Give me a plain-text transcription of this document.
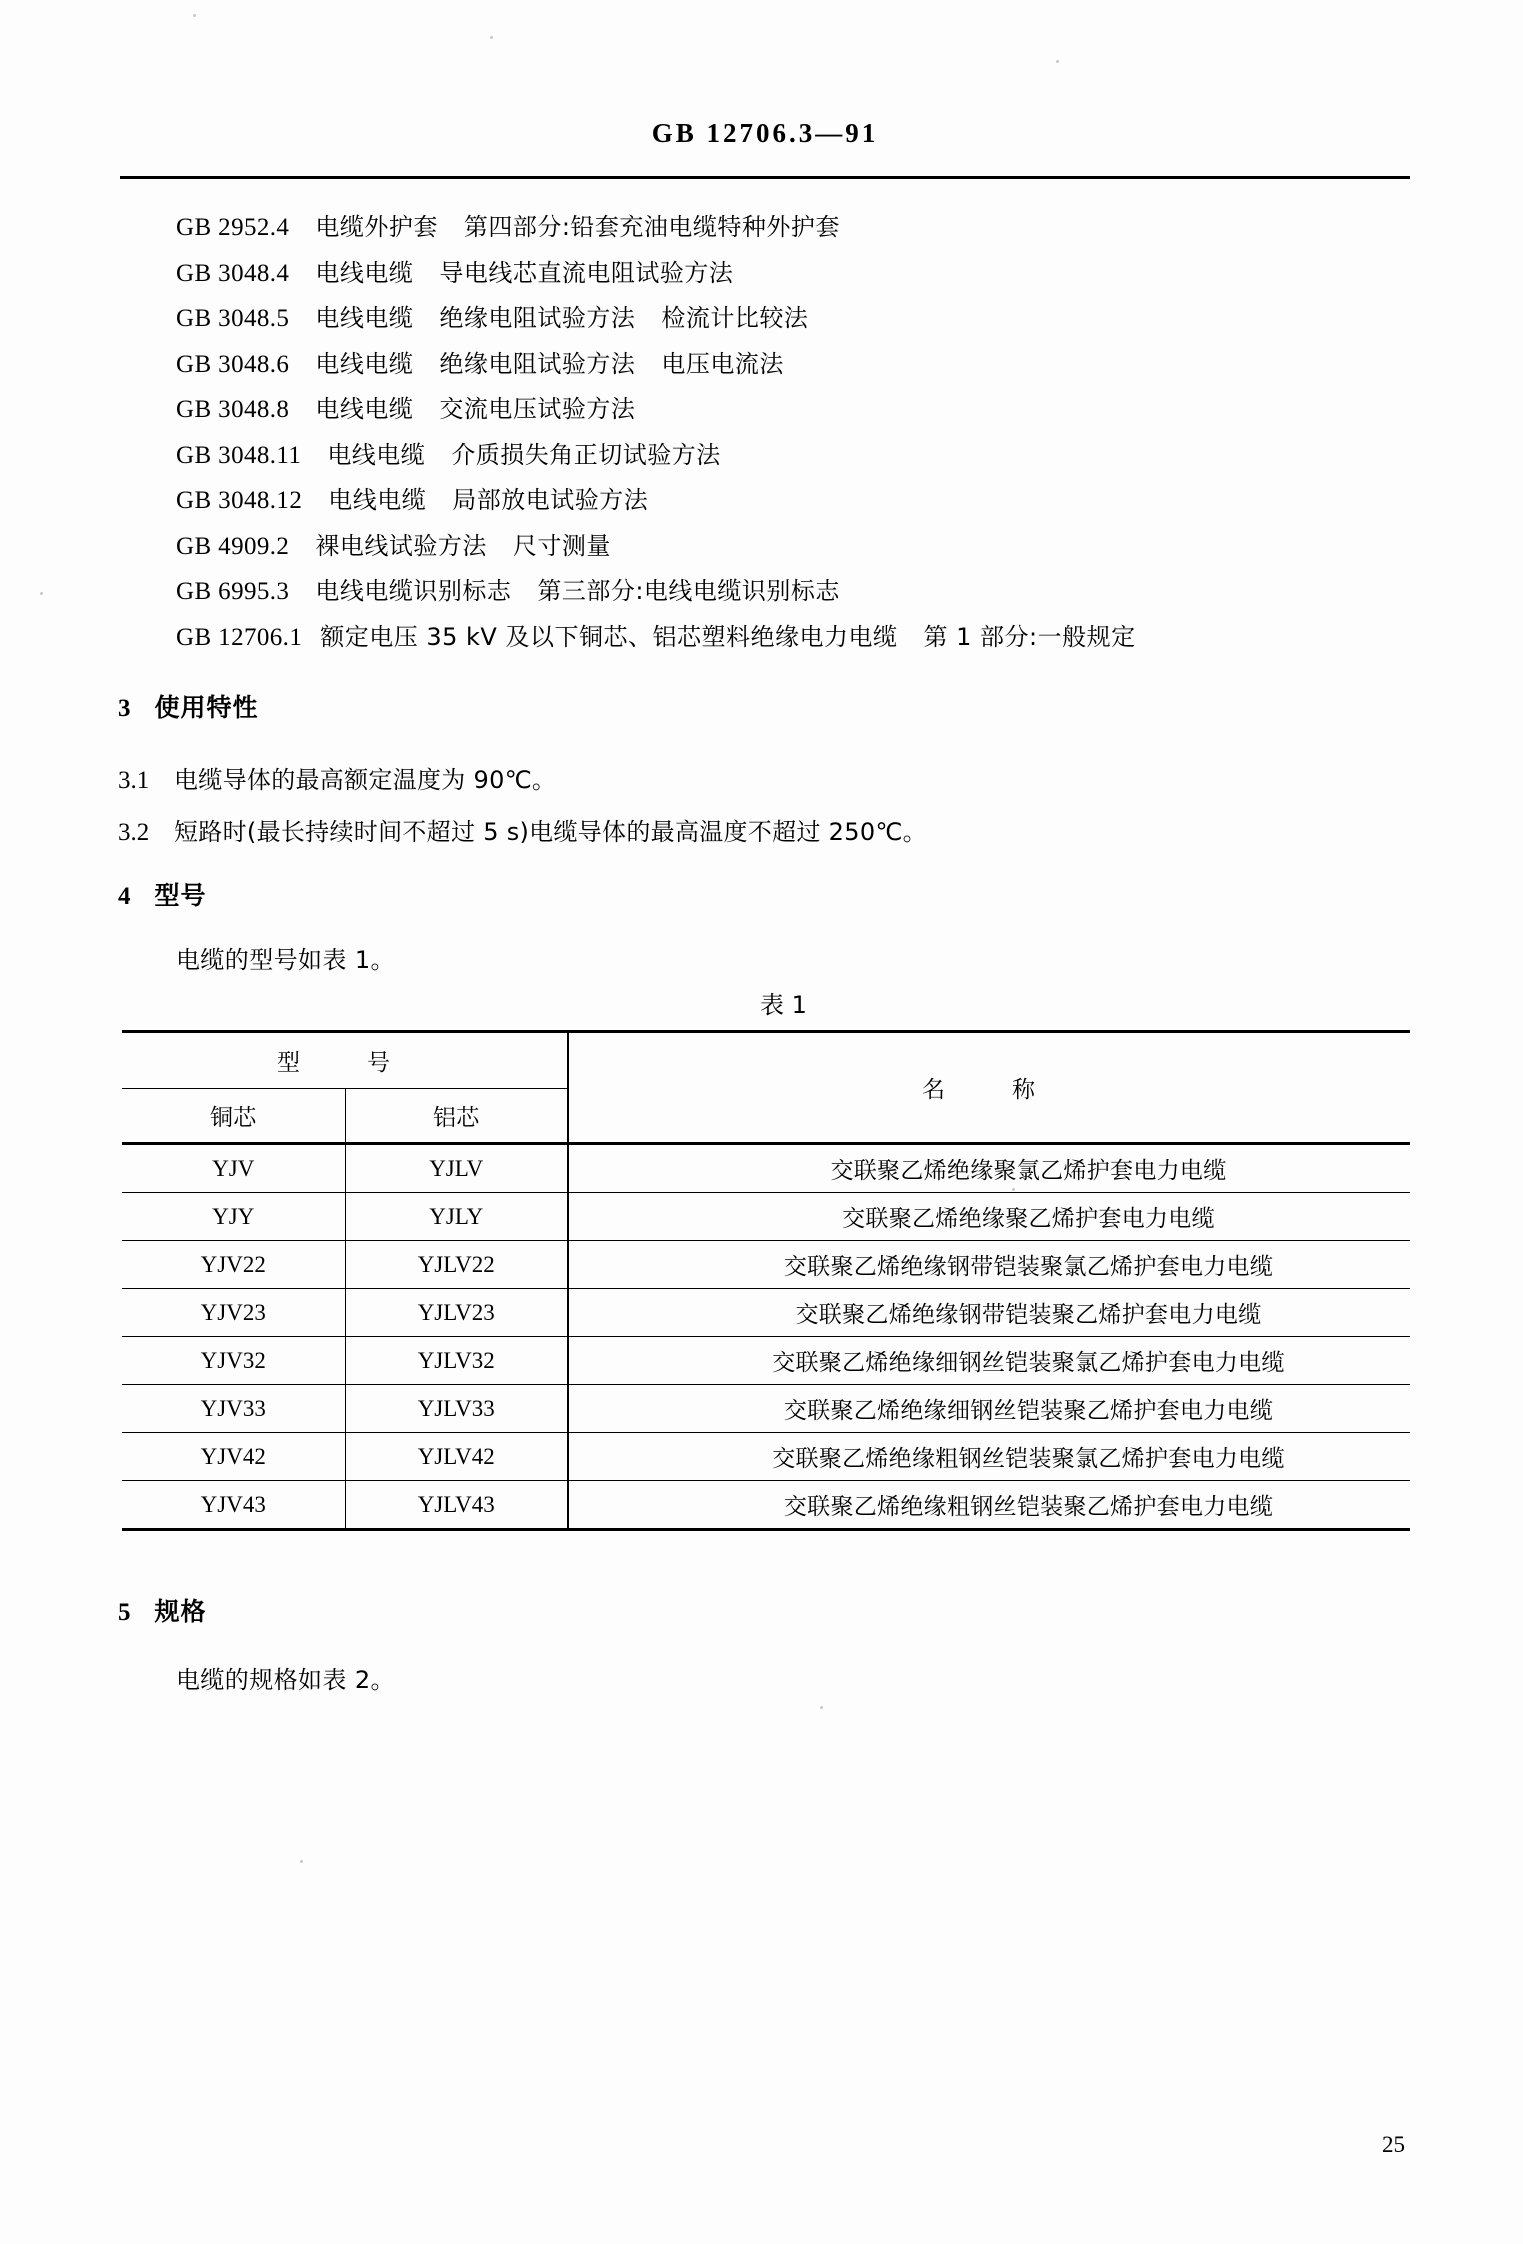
GB 12706.3—91
GB 2952.4 电缆外护套 第四部分:铅套充油电缆特种外护套
GB 3048.4 电线电缆 导电线芯直流电阻试验方法
GB 3048.5 电线电缆 绝缘电阻试验方法 检流计比较法
GB 3048.6 电线电缆 绝缘电阻试验方法 电压电流法
GB 3048.8 电线电缆 交流电压试验方法
GB 3048.11 电线电缆 介质损失角正切试验方法
GB 3048.12 电线电缆 局部放电试验方法
GB 4909.2 裸电线试验方法 尺寸测量
GB 6995.3 电线电缆识别标志 第三部分:电线电缆识别标志
GB 12706.1 额定电压 35 kV 及以下铜芯、铝芯塑料绝缘电力电缆 第 1 部分:一般规定
3 使用特性
3.1 电缆导体的最高额定温度为 90℃。
3.2 短路时(最长持续时间不超过 5 s)电缆导体的最高温度不超过 250℃。
4 型号
电缆的型号如表 1。
表 1
型　号		名　称
铜芯	铝芯	
YJV	YJLV	交联聚乙烯绝缘聚氯乙烯护套电力电缆
YJY	YJLY	交联聚乙烯绝缘聚乙烯护套电力电缆
YJV22	YJLV22	交联聚乙烯绝缘钢带铠装聚氯乙烯护套电力电缆
YJV23	YJLV23	交联聚乙烯绝缘钢带铠装聚乙烯护套电力电缆
YJV32	YJLV32	交联聚乙烯绝缘细钢丝铠装聚氯乙烯护套电力电缆
YJV33	YJLV33	交联聚乙烯绝缘细钢丝铠装聚乙烯护套电力电缆
YJV42	YJLV42	交联聚乙烯绝缘粗钢丝铠装聚氯乙烯护套电力电缆
YJV43	YJLV43	交联聚乙烯绝缘粗钢丝铠装聚乙烯护套电力电缆
5 规格
电缆的规格如表 2。
25
